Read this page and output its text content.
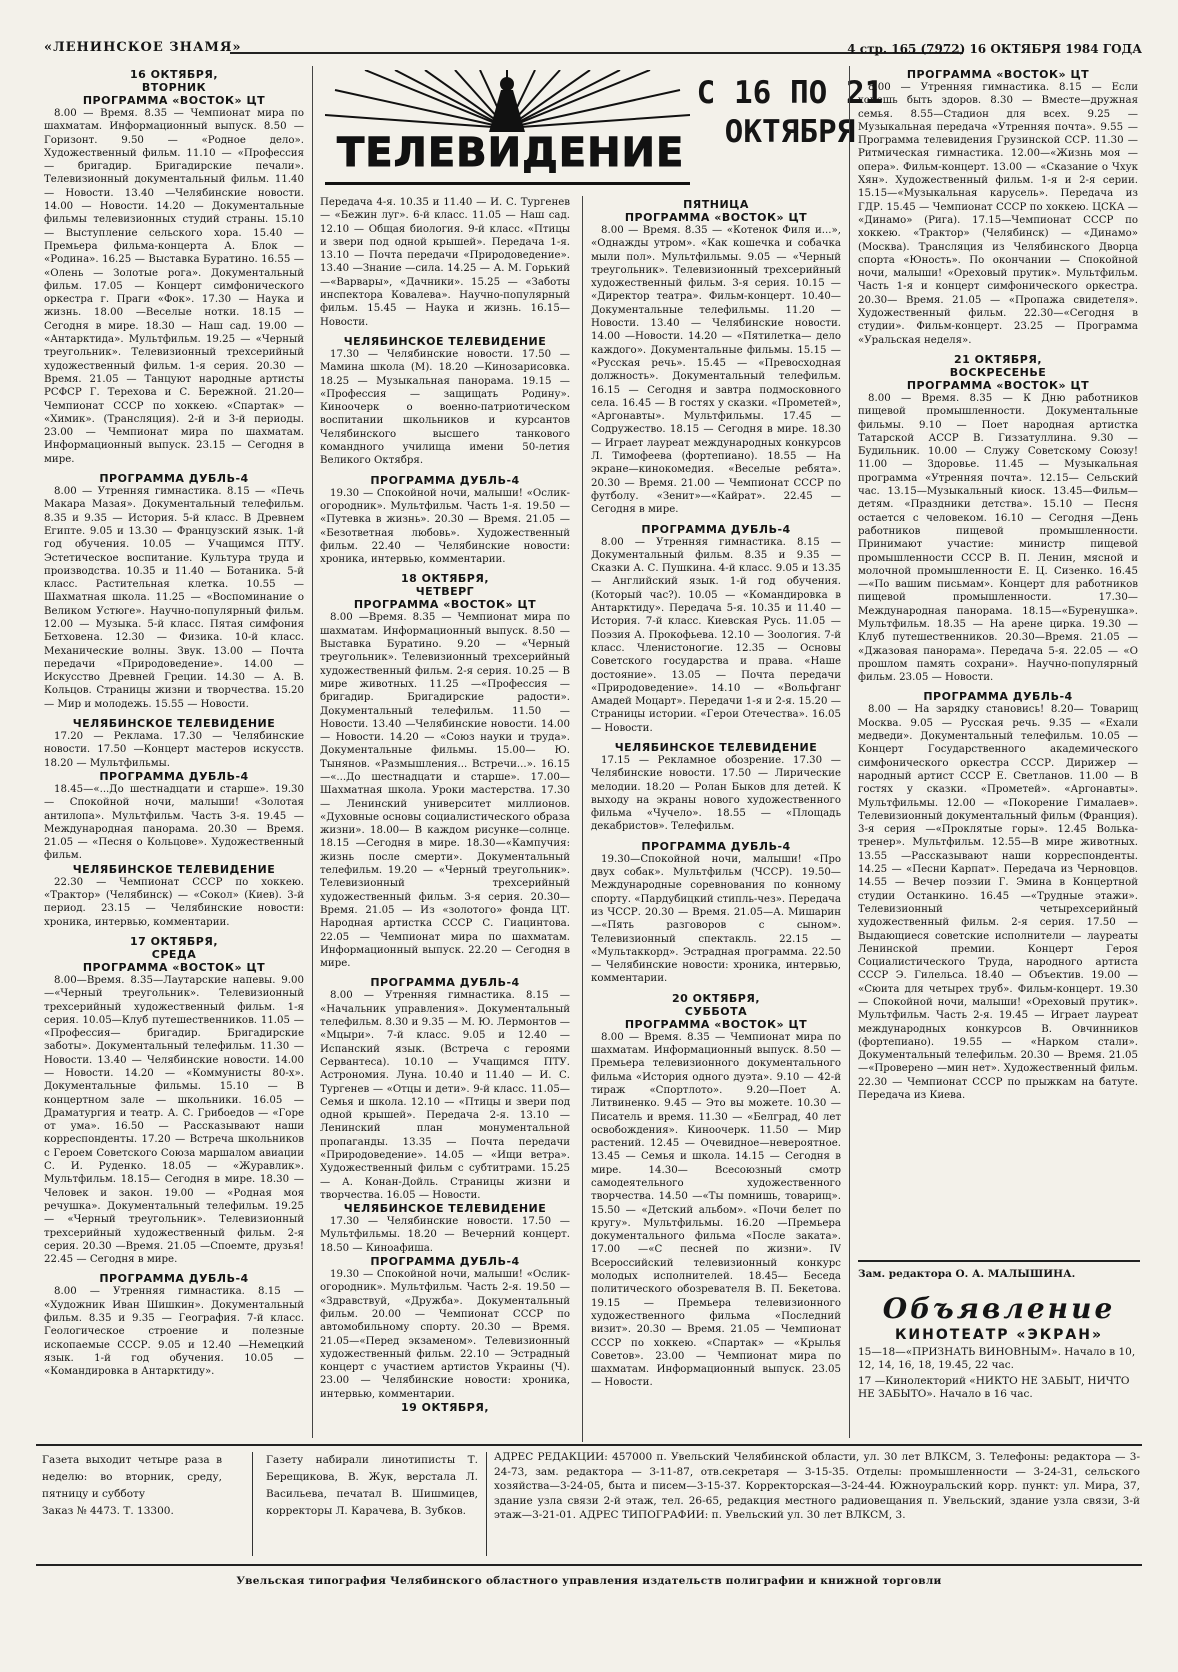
«ЛЕНИНСКОЕ ЗНАМЯ»	4 стр. 165 (7972) 16 ОКТЯБРЯ 1984 ГОДА
ТЕЛЕВИДЕНИЕ
С 16 ПО 21
ОКТЯБРЯ
16 ОКТЯБРЯ,
ВТОРНИК
ПРОГРАММА «ВОСТОК» ЦТ

8.00 — Время. 8.35 — Чемпионат мира по шахматам. Информационный выпуск. 8.50 — Горизонт. 9.50 — «Родное дело». Художественный фильм. 11.10 — «Профессия — бригадир. Бригадирские печали». Телевизионный документальный фильм. 11.40 — Новости. 13.40 —Челябинские новости. 14.00 — Новости. 14.20 — Документальные фильмы телевизионных студий страны. 15.10 — Выступление сельского хора. 15.40 — Премьера фильма-концерта А. Блок — «Родина». 16.25 — Выставка Буратино. 16.55 — «Олень — Золотые рога». Документальный фильм. 17.05 — Концерт симфонического оркестра г. Праги «Фок». 17.30 — Наука и жизнь. 18.00 —Веселые нотки. 18.15 — Сегодня в мире. 18.30 — Наш сад. 19.00 — «Антарктида». Мультфильм. 19.25 — «Черный треугольник». Телевизионный трехсерийный художественный фильм. 1-я серия. 20.30 — Время. 21.05 — Танцуют народные артисты РСФСР Г. Терехова и С. Бережной. 21.20—Чемпионат СССР по хоккею. «Спартак» — «Химик». (Трансляция). 2-й и 3-й периоды. 23.00 — Чемпионат мира по шахматам. Информационный выпуск. 23.15 — Сегодня в мире.

ПРОГРАММА ДУБЛЬ-4

8.00 — Утренняя гимнастика. 8.15 — «Печь Макара Мазая». Документальный телефильм. 8.35 и 9.35 — История. 5-й класс. В Древнем Египте. 9.05 и 13.30 — Французский язык. 1-й год обучения. 10.05 — Учащимся ПТУ. Эстетическое воспитание. Культура труда и производства. 10.35 и 11.40 — Ботаника. 5-й класс. Растительная клетка. 10.55 — Шахматная школа. 11.25 — «Воспоминание о Великом Устюге». Научно-популярный фильм. 12.00 — Музыка. 5-й класс. Пятая симфония Бетховена. 12.30 — Физика. 10-й класс. Механические волны. Звук. 13.00 — Почта передачи «Природоведение». 14.00 — Искусство Древней Греции. 14.30 — А. В. Кольцов. Страницы жизни и творчества. 15.20 — Мир и молодежь. 15.55 — Новости.

ЧЕЛЯБИНСКОЕ ТЕЛЕВИДЕНИЕ

17.20 — Реклама. 17.30 — Челябинские новости. 17.50 —Концерт мастеров искусств. 18.20 — Мультфильмы.

ПРОГРАММА ДУБЛЬ-4

18.45—«...До шестнадцати и старше». 19.30 — Спокойной ночи, малыши! «Золотая антилопа». Мультфильм. Часть 3-я. 19.45 — Международная панорама. 20.30 — Время. 21.05 — «Песня о Кольцове». Художественный фильм.

ЧЕЛЯБИНСКОЕ ТЕЛЕВИДЕНИЕ

22.30 — Чемпионат СССР по хоккею. «Трактор» (Челябинск) — «Сокол» (Киев). 3-й период. 23.15 — Челябинские новости: хроника, интервью, комментарии.

17 ОКТЯБРЯ,
СРЕДА
ПРОГРАММА «ВОСТОК» ЦТ

8.00—Время. 8.35—Лаутарские напевы. 9.00—«Черный треугольник». Телевизионный трехсерийный художественный фильм. 1-я серия. 10.05—Клуб путешественников. 11.05 — «Профессия— бригадир. Бригадирские заботы». Документальный телефильм. 11.30 — Новости. 13.40 — Челябинские новости. 14.00 — Новости. 14.20 — «Коммунисты 80-х». Документальные фильмы. 15.10 — В концертном зале — школьники. 16.05 — Драматургия и театр. А. С. Грибоедов — «Горе от ума». 16.50 — Рассказывают наши корреспонденты. 17.20 — Встреча школьников с Героем Советского Союза маршалом авиации С. И. Руденко. 18.05 — «Журавлик». Мультфильм. 18.15— Сегодня в мире. 18.30 — Человек и закон. 19.00 — «Родная моя речушка». Документальный телефильм. 19.25 — «Черный треугольник». Телевизионный трехсерийный художественный фильм. 2-я серия. 20.30 —Время. 21.05 —Споемте, друзья! 22.45 — Сегодня в мире.

ПРОГРАММА ДУБЛЬ-4

8.00 — Утренняя гимнастика. 8.15 — «Художник Иван Шишкин». Документальный фильм. 8.35 и 9.35 — География. 7-й класс. Геологическое строение и полезные ископаемые СССР. 9.05 и 12.40 —Немецкий язык. 1-й год обучения. 10.05 — «Командировка в Антарктиду».

Передача 4-я. 10.35 и 11.40 — И. С. Тургенев — «Бежин луг». 6-й класс. 11.05 — Наш сад. 12.10 — Общая биология. 9-й класс. «Птицы и звери под одной крышей». Передача 1-я. 13.10 — Почта передачи «Природоведение». 13.40 —Знание —сила. 14.25 — А. М. Горький—«Варвары», «Дачники». 15.25 — «Заботы инспектора Ковалева». Научно-популярный фильм. 15.45 — Наука и жизнь. 16.15— Новости.

ЧЕЛЯБИНСКОЕ ТЕЛЕВИДЕНИЕ

17.30 — Челябинские новости. 17.50 —Мамина школа (М). 18.20 —Кинозарисовка. 18.25 — Музыкальная панорама. 19.15 — «Профессия — защищать Родину». Киноочерк о военно-патриотическом воспитании школьников и курсантов Челябинского высшего танкового командного училища имени 50-летия Великого Октября.

ПРОГРАММА ДУБЛЬ-4

19.30 — Спокойной ночи, малыши! «Ослик-огородник». Мультфильм. Часть 1-я. 19.50 — «Путевка в жизнь». 20.30 — Время. 21.05 — «Безответная любовь». Художественный фильм. 22.40 — Челябинские новости: хроника, интервью, комментарии.

18 ОКТЯБРЯ,
ЧЕТВЕРГ
ПРОГРАММА «ВОСТОК» ЦТ

8.00 —Время. 8.35 — Чемпионат мира по шахматам. Информационный выпуск. 8.50 — Выставка Буратино. 9.20 — «Черный треугольник». Телевизионный трехсерийный художественный фильм. 2-я серия. 10.25 — В мире животных. 11.25 —«Профессия —бригадир. Бригадирские радости». Документальный телефильм. 11.50 — Новости. 13.40 —Челябинские новости. 14.00 — Новости. 14.20 — «Союз науки и труда». Документальные фильмы. 15.00— Ю. Тынянов. «Размышления... Встречи...». 16.15—«...До шестнадцати и старше». 17.00— Шахматная школа. Уроки мастерства. 17.30 — Ленинский университет миллионов. «Духовные основы социалистического образа жизни». 18.00— В каждом рисунке—солнце. 18.15 —Сегодня в мире. 18.30—«Кампучия: жизнь после смерти». Документальный телефильм. 19.20 — «Черный треугольник». Телевизионный трехсерийный художественный фильм. 3-я серия. 20.30—Время. 21.05 — Из «золотого» фонда ЦТ. Народная артистка СССР С. Гиацинтова. 22.05 — Чемпионат мира по шахматам. Информационный выпуск. 22.20 — Сегодня в мире.

ПРОГРАММА ДУБЛЬ-4

8.00 — Утренняя гимнастика. 8.15 — «Начальник управления». Документальный телефильм. 8.30 и 9.35 — М. Ю. Лермонтов — «Мцыри». 7-й класс. 9.05 и 12.40 — Испанский язык. (Встреча с героями Сервантеса). 10.10 — Учащимся ПТУ. Астрономия. Луна. 10.40 и 11.40 — И. С. Тургенев — «Отцы и дети». 9-й класс. 11.05—Семья и школа. 12.10 — «Птицы и звери под одной крышей». Передача 2-я. 13.10 — Ленинский план монументальной пропаганды. 13.35 — Почта передачи «Природоведение». 14.05 — «Ищи ветра». Художественный фильм с субтитрами. 15.25 — А. Конан-Дойль. Страницы жизни и творчества. 16.05 — Новости.

ЧЕЛЯБИНСКОЕ ТЕЛЕВИДЕНИЕ

17.30 — Челябинские новости. 17.50 — Мультфильмы. 18.20 — Вечерний концерт. 18.50 — Киноафиша.

ПРОГРАММА ДУБЛЬ-4

19.30 — Спокойной ночи, малыши! «Ослик-огородник». Мультфильм. Часть 2-я. 19.50 — «Здравствуй, «Дружба». Документальный фильм. 20.00 — Чемпионат СССР по автомобильному спорту. 20.30 — Время. 21.05—«Перед экзаменом». Телевизионный художественный фильм. 22.10 — Эстрадный концерт с участием артистов Украины (Ч). 23.00 — Челябинские новости: хроника, интервью, комментарии.

19 ОКТЯБРЯ,
ПЯТНИЦА
ПРОГРАММА «ВОСТОК» ЦТ

8.00 — Время. 8.35 — «Котенок Филя и...», «Однажды утром». «Как кошечка и собачка мыли пол». Мультфильмы. 9.05 — «Черный треугольник». Телевизионный трехсерийный художественный фильм. 3-я серия. 10.15 — «Директор театра». Фильм-концерт. 10.40— Документальные телефильмы. 11.20 — Новости. 13.40 — Челябинские новости. 14.00 —Новости. 14.20 — «Пятилетка— дело каждого». Документальные фильмы. 15.15 — «Русская речь». 15.45 — «Превосходная должность». Документальный телефильм. 16.15 — Сегодня и завтра подмосковного села. 16.45 — В гостях у сказки. «Прометей», «Аргонавты». Мультфильмы. 17.45 — Содружество. 18.15 — Сегодня в мире. 18.30 — Играет лауреат международных конкурсов Л. Тимофеева (фортепиано). 18.55 — На экране—кинокомедия. «Веселые ребята». 20.30 — Время. 21.00 — Чемпионат СССР по футболу. «Зенит»—«Кайрат». 22.45 — Сегодня в мире.

ПРОГРАММА ДУБЛЬ-4

8.00 — Утренняя гимнастика. 8.15 — Документальный фильм. 8.35 и 9.35 — Сказки А. С. Пушкина. 4-й класс. 9.05 и 13.35 — Английский язык. 1-й год обучения. (Который час?). 10.05 — «Командировка в Антарктиду». Передача 5-я. 10.35 и 11.40 — История. 7-й класс. Киевская Русь. 11.05 — Поэзия А. Прокофьева. 12.10 — Зоология. 7-й класс. Членистоногие. 12.35 — Основы Советского государства и права. «Наше достояние». 13.05 — Почта передачи «Природоведение». 14.10 — «Вольфганг Амадей Моцарт». Передачи 1-я и 2-я. 15.20 — Страницы истории. «Герои Отечества». 16.05 — Новости.

ЧЕЛЯБИНСКОЕ ТЕЛЕВИДЕНИЕ

17.15 — Рекламное обозрение. 17.30 —Челябинские новости. 17.50 — Лирические мелодии. 18.20 — Ролан Быков для детей. К выходу на экраны нового художественного фильма «Чучело». 18.55 — «Площадь декабристов». Телефильм.

ПРОГРАММА ДУБЛЬ-4

19.30—Спокойной ночи, малыши! «Про двух собак». Мультфильм (ЧССР). 19.50— Международные соревнования по конному спорту. «Пардубицкий стипль-чез». Передача из ЧССР. 20.30 — Время. 21.05—А. Мишарин —«Пять разговоров с сыном». Телевизионный спектакль. 22.15 — «Мультаккорд». Эстрадная программа. 22.50 — Челябинские новости: хроника, интервью, комментарии.

20 ОКТЯБРЯ,
СУББОТА
ПРОГРАММА «ВОСТОК» ЦТ

8.00 — Время. 8.35 — Чемпионат мира по шахматам. Информационный выпуск. 8.50 — Премьера телевизионного документального фильма «История одного дуэта». 9.10 — 42-й тираж «Спортлото». 9.20—Поет А. Литвиненко. 9.45 — Это вы можете. 10.30 — Писатель и время. 11.30 — «Белград, 40 лет освобождения». Киноочерк. 11.50 — Мир растений. 12.45 — Очевидное—невероятное. 13.45 — Семья и школа. 14.15 — Сегодня в мире. 14.30— Всесоюзный смотр самодеятельного художественного творчества. 14.50 —«Ты помнишь, товарищ». 15.50 — «Детский альбом». «Почи белет по кругу». Мультфильмы. 16.20 —Премьера документального фильма «После заката». 17.00 —«С песней по жизни». IV Всероссийский телевизионный конкурс молодых исполнителей. 18.45— Беседа политического обозревателя В. П. Бекетова. 19.15 — Премьера телевизионного художественного фильма «Последний визит». 20.30 — Время. 21.05 — Чемпионат СССР по хоккею. «Спартак» — «Крылья Советов». 23.00 — Чемпионат мира по шахматам. Информационный выпуск. 23.05 — Новости.

ПРОГРАММА «ВОСТОК» ЦТ

8.00 — Утренняя гимнастика. 8.15 — Если хочешь быть здоров. 8.30 — Вместе—дружная семья. 8.55—Стадион для всех. 9.25 —Музыкальная передача «Утренняя почта». 9.55 — Программа телевидения Грузинской ССР. 11.30 — Ритмическая гимнастика. 12.00—«Жизнь моя — опера». Фильм-концерт. 13.00 — «Сказание о Чхук Хян». Художественный фильм. 1-я и 2-я серии. 15.15—«Музыкальная карусель». Передача из ГДР. 15.45 — Чемпионат СССР по хоккею. ЦСКА — «Динамо» (Рига). 17.15—Чемпионат СССР по хоккею. «Трактор» (Челябинск) — «Динамо» (Москва). Трансляция из Челябинского Дворца спорта «Юность». По окончании — Спокойной ночи, малыши! «Ореховый прутик». Мультфильм. Часть 1-я и концерт симфонического оркестра. 20.30— Время. 21.05 — «Пропажа свидетеля». Художественный фильм. 22.30—«Сегодня в студии». Фильм-концерт. 23.25 — Программа «Уральская неделя».

21 ОКТЯБРЯ,
ВОСКРЕСЕНЬЕ
ПРОГРАММА «ВОСТОК» ЦТ

8.00 — Время. 8.35 — К Дню работников пищевой промышленности. Документальные фильмы. 9.10 — Поет народная артистка Татарской АССР В. Гиззатуллина. 9.30 — Будильник. 10.00 — Служу Советскому Союзу! 11.00 — Здоровье. 11.45 — Музыкальная программа «Утренняя почта». 12.15— Сельский час. 13.15—Музыкальный киоск. 13.45—Фильм—детям. «Праздники детства». 15.10 — Песня остается с человеком. 16.10 — Сегодня —День работников пищевой промышленности. Принимают участие: министр пищевой промышленности СССР В. П. Ленин, мясной и молочной промышленности Е. Ц. Сизенко. 16.45—«По вашим письмам». Концерт для работников пищевой промышленности. 17.30—Международная панорама. 18.15—«Буренушка». Мультфильм. 18.35 — На арене цирка. 19.30 — Клуб путешественников. 20.30—Время. 21.05 — «Джазовая панорама». Передача 5-я. 22.05 — «О прошлом память сохрани». Научно-популярный фильм. 23.05 — Новости.

ПРОГРАММА ДУБЛЬ-4

8.00 — На зарядку становись! 8.20— Товарищ Москва. 9.05 — Русская речь. 9.35 — «Ехали медведи». Документальный телефильм. 10.05 — Концерт Государственного академического симфонического оркестра СССР. Дирижер — народный артист СССР Е. Светланов. 11.00 — В гостях у сказки. «Прометей». «Аргонавты». Мультфильмы. 12.00 — «Покорение Гималаев». Телевизионный документальный фильм (Франция). 3-я серия —«Проклятые горы». 12.45 Волька-тренер». Мультфильм. 12.55—В мире животных. 13.55 —Рассказывают наши корреспонденты. 14.25 — «Песни Карпат». Передача из Черновцов. 14.55 — Вечер поэзии Г. Эмина в Концертной студии Останкино. 16.45 —«Трудные этажи». Телевизионный четырехсерийный художественный фильм. 2-я серия. 17.50 — Выдающиеся советские исполнители — лауреаты Ленинской премии. Концерт Героя Социалистического Труда, народного артиста СССР Э. Гилельса. 18.40 — Объектив. 19.00 — «Сюита для четырех труб». Фильм-концерт. 19.30 — Спокойной ночи, малыши! «Ореховый прутик». Мультфильм. Часть 2-я. 19.45 — Играет лауреат международных конкурсов В. Овчинников (фортепиано). 19.55 — «Нарком стали». Документальный телефильм. 20.30 — Время. 21.05 —«Проверено —мин нет». Художественный фильм. 22.30 — Чемпионат СССР по прыжкам на батуте. Передача из Киева.

Зам. редактора О. А. МАЛЫШИНА.
Объявление
КИНОТЕАТР «ЭКРАН»
15—18—«ПРИЗНАТЬ ВИНОВНЫМ». Начало в 10, 12, 14, 16, 18, 19.45, 22 час.
17 —Кинолекторий «НИКТО НЕ ЗАБЫТ, НИЧТО НЕ ЗАБЫТО». Начало в 16 час.
Газета выходит четыре раза в неделю: во вторник, среду, пятницу и субботу
Заказ № 4473. Т. 13300.
Газету набирали линотиписты Т. Берещикова, В. Жук, верстала Л. Васильева, печатал В. Шишмицев, корректоры Л. Карачева, В. Зубков.
АДРЕС РЕДАКЦИИ: 457000 п. Увельский Челябинской области, ул. 30 лет ВЛКСМ, 3. Телефоны: редактора — 3-24-73, зам. редактора — 3-11-87, отв.секретаря — 3-15-35. Отделы: промышленности — 3-24-31, сельского хозяйства—3-24-05, быта и писем—3-15-37. Корректорская—3-24-44. Южноуральский корр. пункт: ул. Мира, 37, здание узла связи 2-й этаж, тел. 26-65, редакция местного радиовещания п. Увельский, здание узла связи, 3-й этаж—3-21-01. АДРЕС ТИПОГРАФИИ: п. Увельский ул. 30 лет ВЛКСМ, 3.
Увельская типография Челябинского областного управления издательств полиграфии и книжной торговли
